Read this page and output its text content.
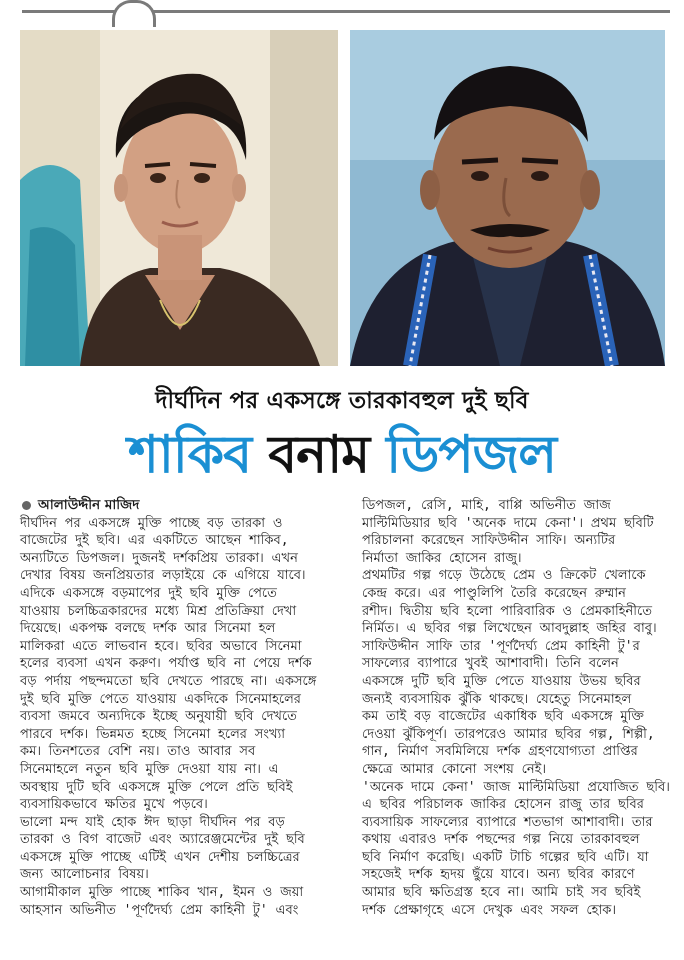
দীর্ঘদিন পর একসঙ্গে তারকাবহুল দুই ছবি
শাকিব বনাম ডিপজল
আলাউদ্দীন মাজিদ
দীর্ঘদিন পর একসঙ্গে মুক্তি পাচ্ছে বড় তারকা ও
বাজেটের দুই ছবি। এর একটিতে আছেন শাকিব,
অন্যটিতে ডিপজল। দুজনই দর্শকপ্রিয় তারকা। এখন
দেখার বিষয় জনপ্রিয়তার লড়াইয়ে কে এগিয়ে যাবে।
এদিকে একসঙ্গে বড়মাপের দুই ছবি মুক্তি পেতে
যাওয়ায় চলচ্চিত্রকারদের মধ্যে মিশ্র প্রতিক্রিয়া দেখা
দিয়েছে। একপক্ষ বলছে দর্শক আর সিনেমা হল
মালিকরা এতে লাভবান হবে। ছবির অভাবে সিনেমা
হলের ব্যবসা এখন করুণ। পর্যাপ্ত ছবি না পেয়ে দর্শক
বড় পর্দায় পছন্দমতো ছবি দেখতে পারছে না। একসঙ্গে
দুই ছবি মুক্তি পেতে যাওয়ায় একদিকে সিনেমাহলের
ব্যবসা জমবে অন্যদিকে ইচ্ছে অনুযায়ী ছবি দেখতে
পারবে দর্শক। ভিন্নমত হচ্ছে সিনেমা হলের সংখ্যা
কম। তিনশতের বেশি নয়। তাও আবার সব
সিনেমাহলে নতুন ছবি মুক্তি দেওয়া যায় না। এ
অবস্থায় দুটি ছবি একসঙ্গে মুক্তি পেলে প্রতি ছবিই
ব্যবসায়িকভাবে ক্ষতির মুখে পড়বে।
ভালো মন্দ যাই হোক ঈদ ছাড়া দীর্ঘদিন পর বড়
তারকা ও বিগ বাজেট এবং অ্যারেঞ্জমেন্টের দুই ছবি
একসঙ্গে মুক্তি পাচ্ছে এটিই এখন দেশীয় চলচ্চিত্রের
জন্য আলোচনার বিষয়।
আগামীকাল মুক্তি পাচ্ছে শাকিব খান, ইমন ও জয়া
আহসান অভিনীত 'পূর্ণদৈর্ঘ্য প্রেম কাহিনী টু' এবং
ডিপজল, রেসি, মাহি, বাপ্পি অভিনীত জাজ
মাল্টিমিডিয়ার ছবি 'অনেক দামে কেনা'। প্রথম ছবিটি
পরিচালনা করেছেন সাফিউদ্দীন সাফি। অন্যটির
নির্মাতা জাকির হোসেন রাজু।
প্রথমটির গল্প গড়ে উঠেছে প্রেম ও ক্রিকেট খেলাকে
কেন্দ্র করে। এর পাণ্ডুলিপি তৈরি করেছেন রুম্মান
রশীদ। দ্বিতীয় ছবি হলো পারিবারিক ও প্রেমকাহিনীতে
নির্মিত। এ ছবির গল্প লিখেছেন আবদুল্লাহ জহির বাবু।
সাফিউদ্দীন সাফি তার 'পূর্ণদৈর্ঘ্য প্রেম কাহিনী টু'র
সাফল্যের ব্যাপারে খুবই আশাবাদী। তিনি বলেন
একসঙ্গে দুটি ছবি মুক্তি পেতে যাওয়ায় উভয় ছবির
জন্যই ব্যবসায়িক ঝুঁকি থাকছে। যেহেতু সিনেমাহল
কম তাই বড় বাজেটের একাধিক ছবি একসঙ্গে মুক্তি
দেওয়া ঝুঁকিপূর্ণ। তারপরেও আমার ছবির গল্প, শিল্পী,
গান, নির্মাণ সবমিলিয়ে দর্শক গ্রহণযোগ্যতা প্রাপ্তির
ক্ষেত্রে আমার কোনো সংশয় নেই।
'অনেক দামে কেনা' জাজ মাল্টিমিডিয়া প্রযোজিত ছবি।
এ ছবির পরিচালক জাকির হোসেন রাজু তার ছবির
ব্যবসায়িক সাফল্যের ব্যাপারে শতভাগ আশাবাদী। তার
কথায় এবারও দর্শক পছন্দের গল্প নিয়ে তারকাবহুল
ছবি নির্মাণ করেছি। একটি টাচি গল্পের ছবি এটি। যা
সহজেই দর্শক হৃদয় ছুঁয়ে যাবে। অন্য ছবির কারণে
আমার ছবি ক্ষতিগ্রস্ত হবে না। আমি চাই সব ছবিই
দর্শক প্রেক্ষাগৃহে এসে দেখুক এবং সফল হোক।
